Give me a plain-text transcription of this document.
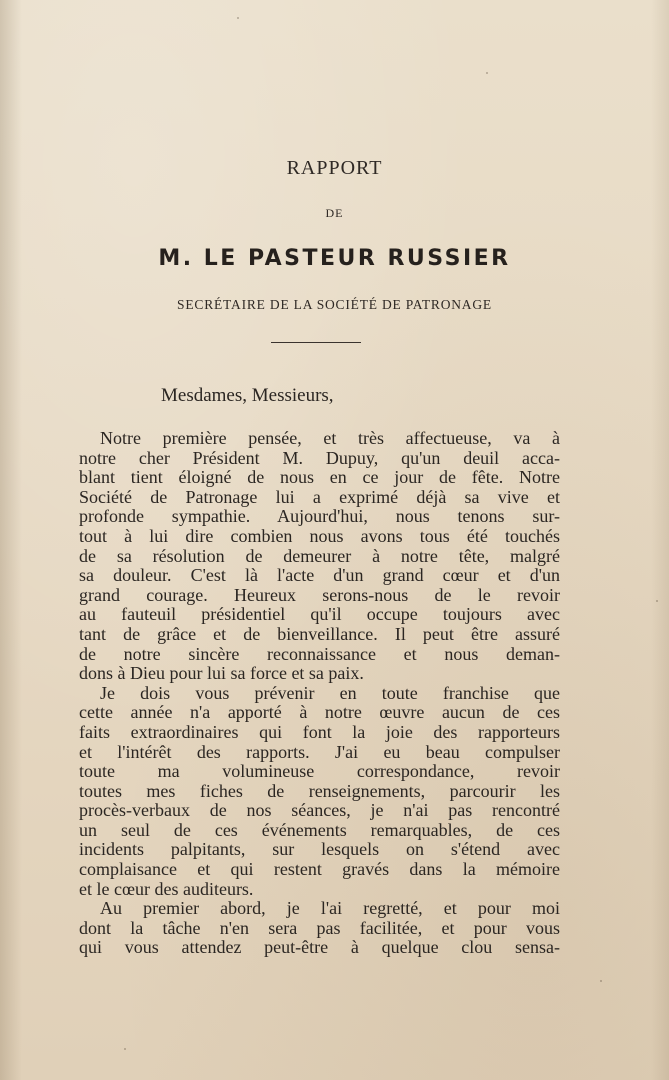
RAPPORT
DE
M. LE PASTEUR RUSSIER
SECRÉTAIRE DE LA SOCIÉTÉ DE PATRONAGE
Mesdames, Messieurs,
Notre première pensée, et très affectueuse, va à
notre cher Président M. Dupuy, qu'un deuil acca-
blant tient éloigné de nous en ce jour de fête. Notre
Société de Patronage lui a exprimé déjà sa vive et
profonde sympathie. Aujourd'hui, nous tenons sur-
tout à lui dire combien nous avons tous été touchés
de sa résolution de demeurer à notre tête, malgré
sa douleur. C'est là l'acte d'un grand cœur et d'un
grand courage. Heureux serons-nous de le revoir
au fauteuil présidentiel qu'il occupe toujours avec
tant de grâce et de bienveillance. Il peut être assuré
de notre sincère reconnaissance et nous deman-
dons à Dieu pour lui sa force et sa paix.
Je dois vous prévenir en toute franchise que
cette année n'a apporté à notre œuvre aucun de ces
faits extraordinaires qui font la joie des rapporteurs
et l'intérêt des rapports. J'ai eu beau compulser
toute ma volumineuse correspondance, revoir
toutes mes fiches de renseignements, parcourir les
procès-verbaux de nos séances, je n'ai pas rencontré
un seul de ces événements remarquables, de ces
incidents palpitants, sur lesquels on s'étend avec
complaisance et qui restent gravés dans la mémoire
et le cœur des auditeurs.
Au premier abord, je l'ai regretté, et pour moi
dont la tâche n'en sera pas facilitée, et pour vous
qui vous attendez peut-être à quelque clou sensa-
